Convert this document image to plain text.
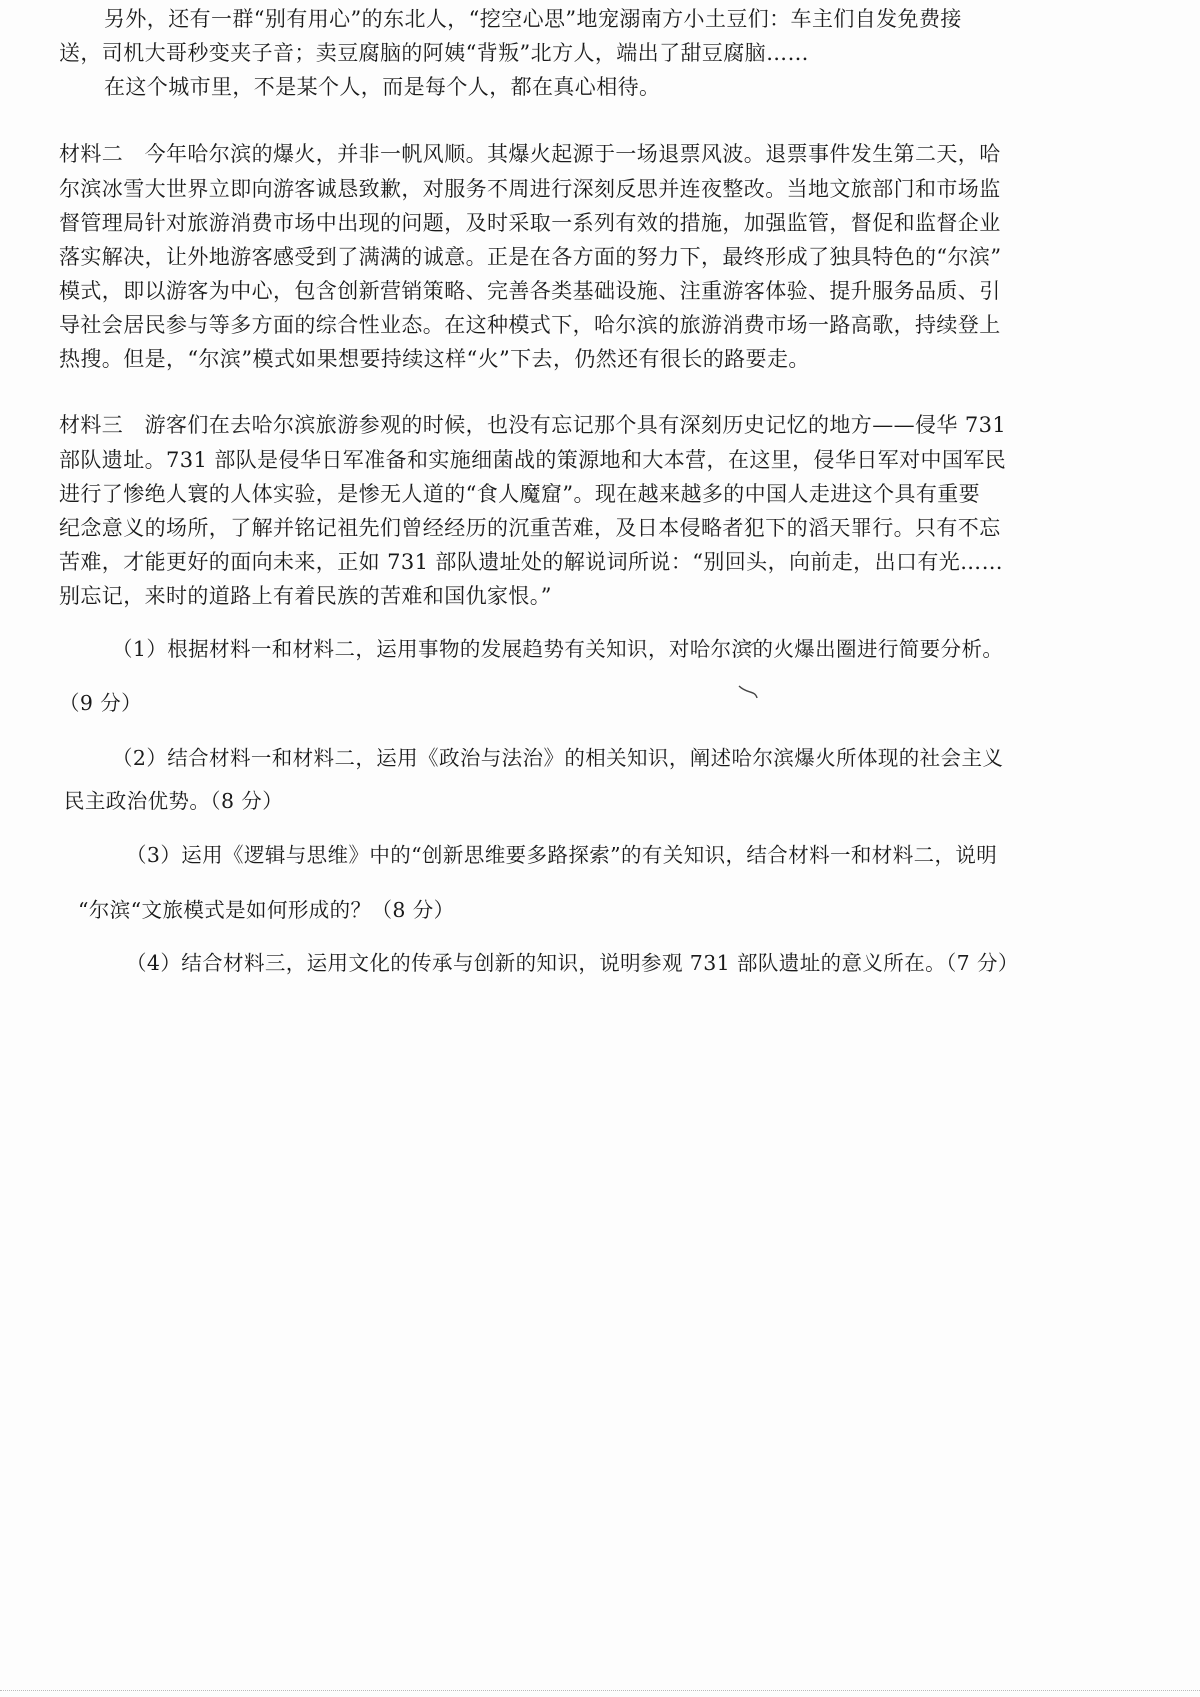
另外，还有一群“别有用心”的东北人，“挖空心思”地宠溺南方小土豆们：车主们自发免费接
送，司机大哥秒变夹子音；卖豆腐脑的阿姨“背叛”北方人，端出了甜豆腐脑……
在这个城市里，不是某个人，而是每个人，都在真心相待。
材料二　今年哈尔滨的爆火，并非一帆风顺。其爆火起源于一场退票风波。退票事件发生第二天，哈
尔滨冰雪大世界立即向游客诚恳致歉，对服务不周进行深刻反思并连夜整改。当地文旅部门和市场监
督管理局针对旅游消费市场中出现的问题，及时采取一系列有效的措施，加强监管，督促和监督企业
落实解决，让外地游客感受到了满满的诚意。正是在各方面的努力下，最终形成了独具特色的“尔滨”
模式，即以游客为中心，包含创新营销策略、完善各类基础设施、注重游客体验、提升服务品质、引
导社会居民参与等多方面的综合性业态。在这种模式下，哈尔滨的旅游消费市场一路高歌，持续登上
热搜。但是，“尔滨”模式如果想要持续这样“火”下去，仍然还有很长的路要走。
材料三　游客们在去哈尔滨旅游参观的时候，也没有忘记那个具有深刻历史记忆的地方——侵华 731
部队遗址。731 部队是侵华日军准备和实施细菌战的策源地和大本营，在这里，侵华日军对中国军民
进行了惨绝人寰的人体实验，是惨无人道的“食人魔窟”。现在越来越多的中国人走进这个具有重要
纪念意义的场所，了解并铭记祖先们曾经经历的沉重苦难，及日本侵略者犯下的滔天罪行。只有不忘
苦难，才能更好的面向未来，正如 731 部队遗址处的解说词所说：“别回头，向前走，出口有光……
别忘记，来时的道路上有着民族的苦难和国仇家恨。”
（1）根据材料一和材料二，运用事物的发展趋势有关知识，对哈尔滨的火爆出圈进行简要分析。
（9 分）
（2）结合材料一和材料二，运用《政治与法治》的相关知识，阐述哈尔滨爆火所体现的社会主义
民主政治优势。（8 分）
（3）运用《逻辑与思维》中的“创新思维要多路探索”的有关知识，结合材料一和材料二，说明
“尔滨“文旅模式是如何形成的？（8 分）
（4）结合材料三，运用文化的传承与创新的知识，说明参观 731 部队遗址的意义所在。（7 分）
